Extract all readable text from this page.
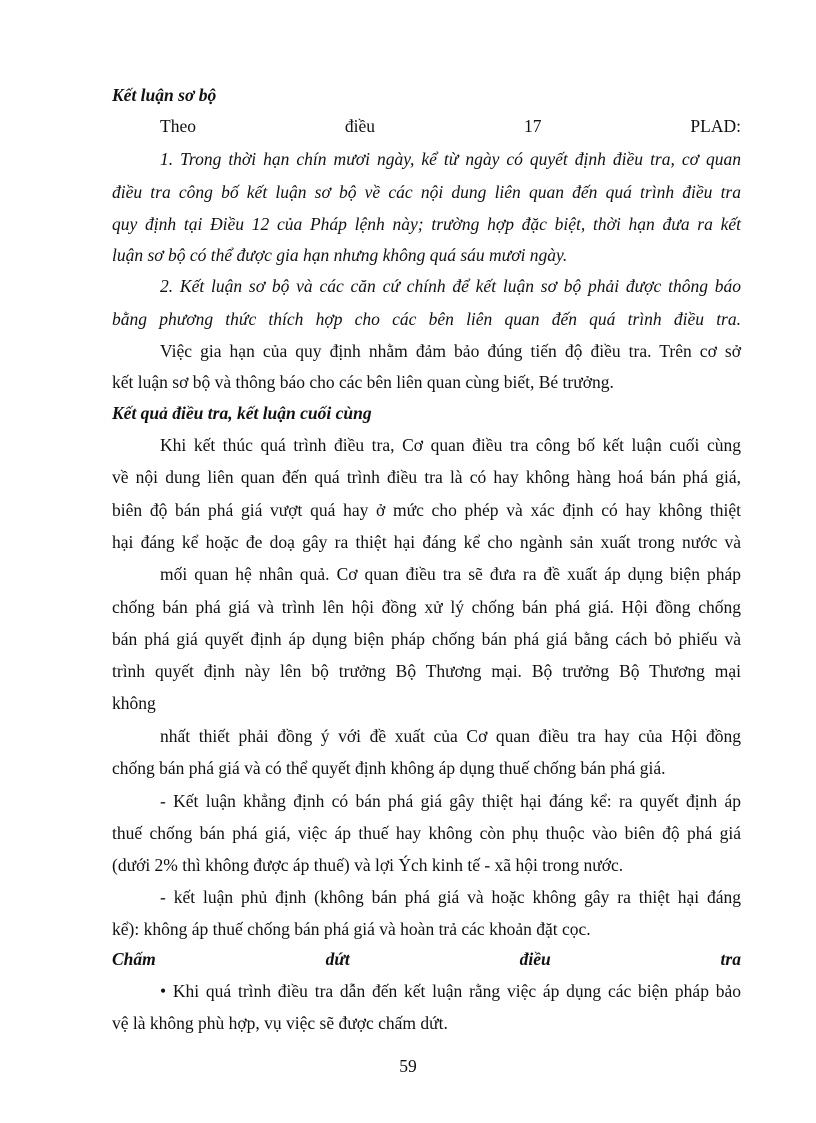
Kết luận sơ bộ
Theo	điều	17	PLAD:
1. Trong thời hạn chín mươi ngày, kể từ ngày có quyết định điều tra, cơ quan
điều tra công bố kết luận sơ bộ về các nội dung liên quan đến quá trình điều tra
quy định tại Điều 12 của Pháp lệnh này; trường hợp đặc biệt, thời hạn đưa ra kết
luận sơ bộ có thể được gia hạn nhưng không quá sáu mươi ngày.
2. Kết luận sơ bộ và các căn cứ chính để kết luận sơ bộ phải được thông báo
bằng phương thức thích hợp cho các bên liên quan đến quá trình điều tra.
Việc gia hạn của quy định nhằm đảm bảo đúng tiến độ điều tra. Trên cơ sở
kết luận sơ bộ và thông báo cho các bên liên quan cùng biết, Bé trưởng.
Kết quả điều tra, kết luận cuối cùng
Khi kết thúc quá trình điều tra, Cơ quan điều tra công bố kết luận cuối cùng
về nội dung liên quan đến quá trình điều tra là có hay không hàng hoá bán phá giá,
biên độ bán phá giá vượt quá hay ở mức cho phép và xác định có hay không thiệt
hại đáng kể hoặc đe doạ gây ra thiệt hại đáng kể cho ngành sản xuất trong nước và
mối quan hệ nhân quả. Cơ quan điều tra sẽ đưa ra đề xuất áp dụng biện pháp
chống bán phá giá và trình lên hội đồng xử lý chống bán phá giá. Hội đồng chống
bán phá giá quyết định áp dụng biện pháp chống bán phá giá bằng cách bỏ phiếu và
trình quyết định này lên bộ trưởng Bộ Thương mại. Bộ trưởng Bộ Thương mại
không
nhất thiết phải đồng ý với đề xuất của Cơ quan điều tra hay của Hội đồng
chống bán phá giá và có thể quyết định không áp dụng thuế chống bán phá giá.
- Kết luận khẳng định có bán phá giá gây thiệt hại đáng kể: ra quyết định áp
thuế chống bán phá giá, việc áp thuế hay không còn phụ thuộc vào biên độ phá giá
(dưới 2% thì không được áp thuế) và lợi Ých kinh tế - xã hội trong nước.
- kết luận phủ định (không bán phá giá và hoặc không gây ra thiệt hại đáng
kể): không áp thuế chống bán phá giá và hoàn trả các khoản đặt cọc.
Chấm	dứt	điều	tra
• Khi quá trình điều tra dẫn đến kết luận rằng việc áp dụng các biện pháp bảo
vệ là không phù hợp, vụ việc sẽ được chấm dứt.
59
